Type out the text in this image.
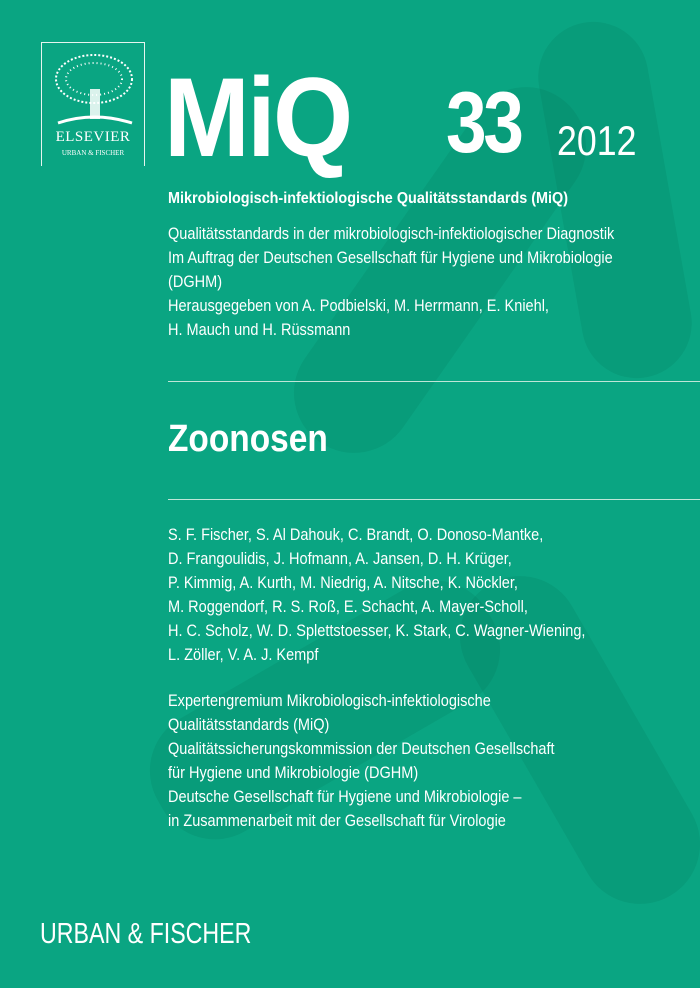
ELSEVIER
URBAN & FISCHER MiQ 33 2012
Mikrobiologisch-infektiologische Qualitätsstandards (MiQ)
Qualitätsstandards in der mikrobiologisch-infektiologischer Diagnostik
Im Auftrag der Deutschen Gesellschaft für Hygiene und Mikrobiologie
(DGHM)
Herausgegeben von A. Podbielski, M. Herrmann, E. Kniehl,
H. Mauch und H. Rüssmann
Zoonosen
S. F. Fischer, S. Al Dahouk, C. Brandt, O. Donoso-Mantke,
D. Frangoulidis, J. Hofmann, A. Jansen, D. H. Krüger,
P. Kimmig, A. Kurth, M. Niedrig, A. Nitsche, K. Nöckler,
M. Roggendorf, R. S. Roß, E. Schacht, A. Mayer-Scholl,
H. C. Scholz, W. D. Splettstoesser, K. Stark, C. Wagner-Wiening,
L. Zöller, V. A. J. Kempf
Expertengremium Mikrobiologisch-infektiologische
Qualitätsstandards (MiQ)
Qualitätssicherungskommission der Deutschen Gesellschaft
für Hygiene und Mikrobiologie (DGHM)
Deutsche Gesellschaft für Hygiene und Mikrobiologie –
in Zusammenarbeit mit der Gesellschaft für Virologie
URBAN & FISCHER
